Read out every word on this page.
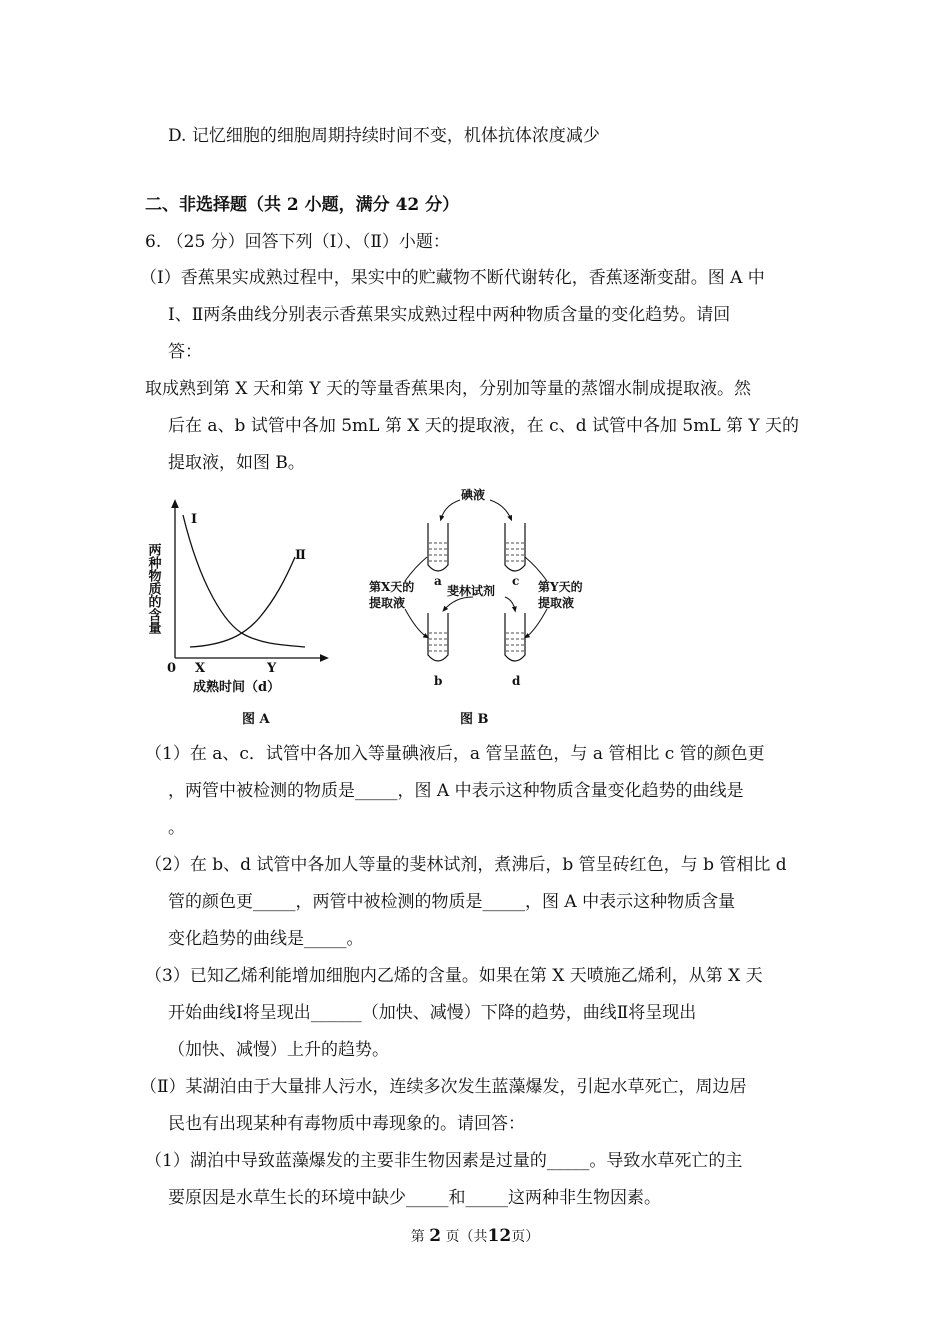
D. 记忆细胞的细胞周期持续时间不变，机体抗体浓度减少
二、非选择题（共 2 小题，满分 42 分）
6. （25 分）回答下列（I）、（Ⅱ）小题：
（I）香蕉果实成熟过程中，果实中的贮藏物不断代谢转化，香蕉逐渐变甜。图 A 中
I、Ⅱ两条曲线分别表示香蕉果实成熟过程中两种物质含量的变化趋势。请回
答：
取成熟到第 X 天和第 Y 天的等量香蕉果肉，分别加等量的蒸馏水制成提取液。然
后在 a、b 试管中各加 5mL 第 X 天的提取液，在 c、d 试管中各加 5mL 第 Y 天的
提取液，如图 B。
两种物质的含量
I
Ⅱ
0 X	Y
成熟时间（d）
图 A
碘液
斐林试剂
第X天的
提取液
第Y天的
提取液
a	c
b	d
图 B
（1）在 a、c．试管中各加入等量碘液后，a 管呈蓝色，与 a 管相比 c 管的颜色更
，两管中被检测的物质是_____，图 A 中表示这种物质含量变化趋势的曲线是
。
（2）在 b、d 试管中各加人等量的斐林试剂，煮沸后，b 管呈砖红色，与 b 管相比 d
管的颜色更_____，两管中被检测的物质是_____，图 A 中表示这种物质含量
变化趋势的曲线是_____。
（3）已知乙烯利能增加细胞内乙烯的含量。如果在第 X 天喷施乙烯利，从第 X 天
开始曲线Ⅰ将呈现出______（加快、减慢）下降的趋势，曲线Ⅱ将呈现出
（加快、减慢）上升的趋势。
（Ⅱ）某湖泊由于大量排人污水，连续多次发生蓝藻爆发，引起水草死亡，周边居
民也有出现某种有毒物质中毒现象的。请回答：
（1）湖泊中导致蓝藻爆发的主要非生物因素是过量的_____。导致水草死亡的主
要原因是水草生长的环境中缺少_____和_____这两种非生物因素。
第 2 页（共12页）
